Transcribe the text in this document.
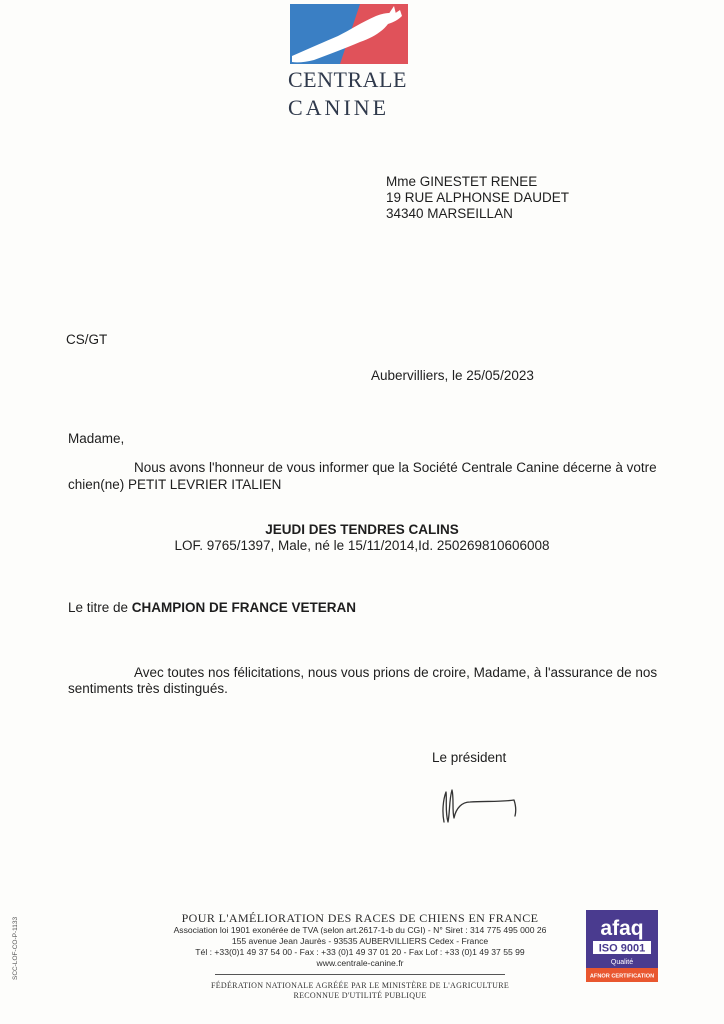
CENTRALE
CANINE
Mme GINESTET RENEE
19 RUE ALPHONSE DAUDET
34340 MARSEILLAN
CS/GT
Aubervilliers, le 25/05/2023
Madame,
Nous avons l'honneur de vous informer que la Société Centrale Canine décerne à votre
chien(ne) PETIT LEVRIER ITALIEN
JEUDI DES TENDRES CALINS
LOF. 9765/1397, Male, né le 15/11/2014,Id. 250269810606008
Le titre de CHAMPION DE FRANCE VETERAN
Avec toutes nos félicitations, nous vous prions de croire, Madame, à l'assurance de nos
sentiments très distingués.
Le président
POUR L'AMÉLIORATION DES RACES DE CHIENS EN FRANCE
Association loi 1901 exonérée de TVA (selon art.2617-1-b du CGI) - N° Siret : 314 775 495 000 26
155 avenue Jean Jaurès - 93535 AUBERVILLIERS Cedex - France
Tél : +33(0)1 49 37 54 00 - Fax : +33 (0)1 49 37 01 20 - Fax Lof : +33 (0)1 49 37 55 99
www.centrale-canine.fr
FÉDÉRATION NATIONALE AGRÉÉE PAR LE MINISTÈRE DE L'AGRICULTURE
RECONNUE D'UTILITÉ PUBLIQUE
afaq
ISO 9001
Qualité
AFNOR CERTIFICATION
SCC-LOF-CO-P-1133
